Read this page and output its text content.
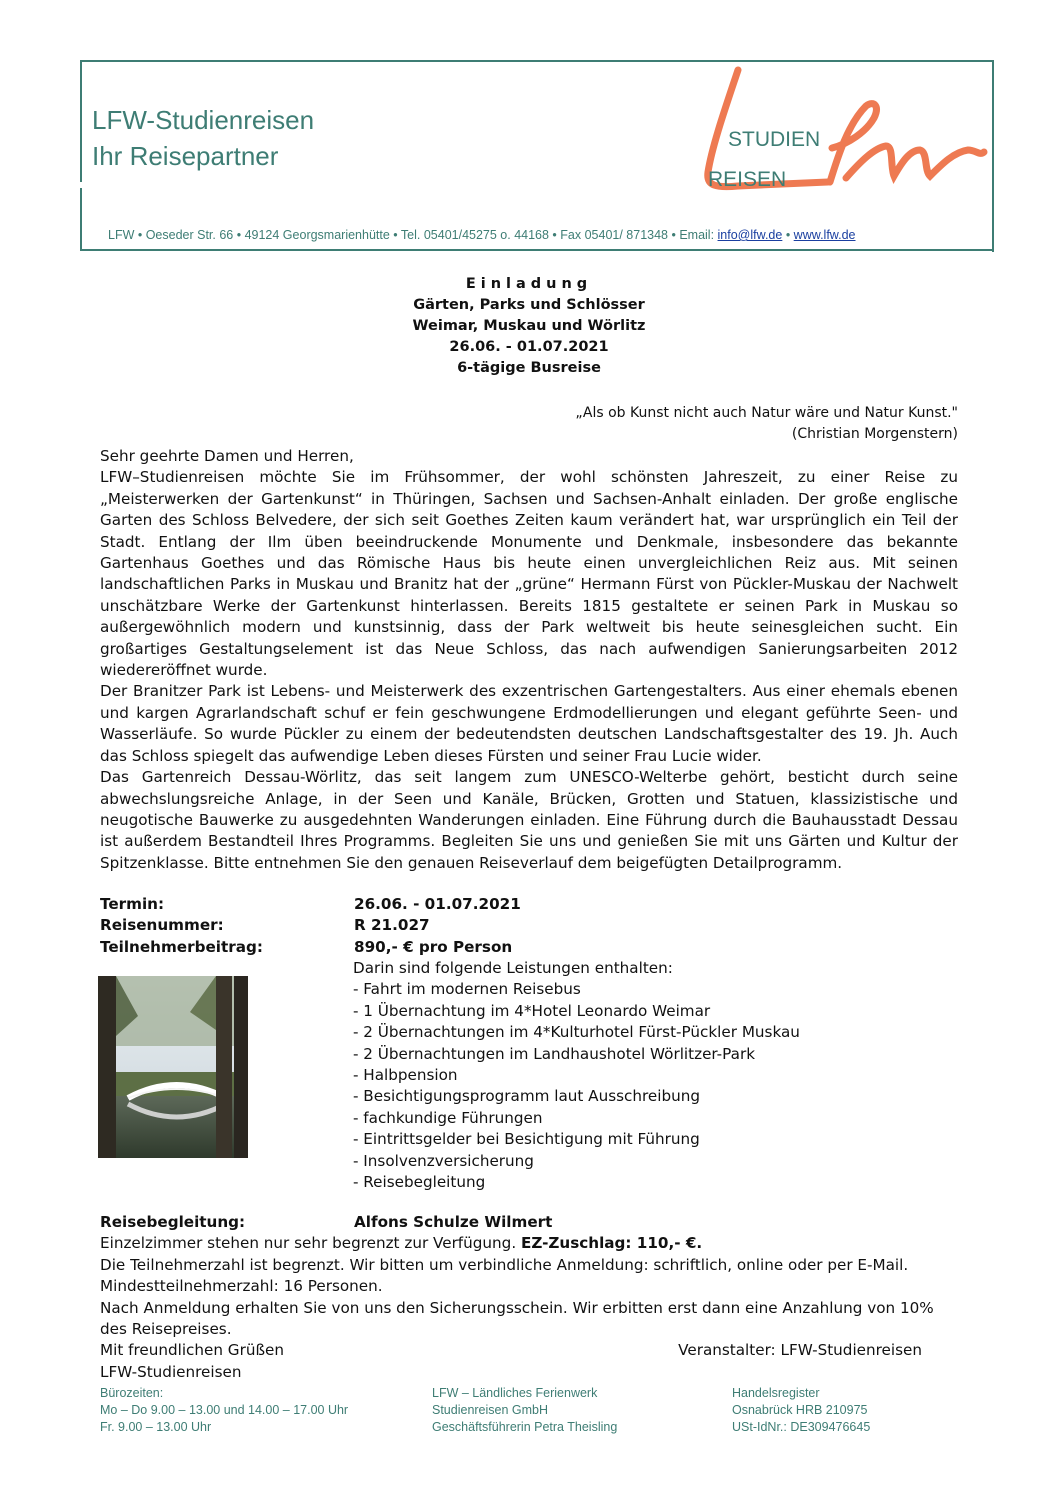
LFW-Studienreisen
Ihr Reisepartner
STUDIEN
REISEN
LFW • Oeseder Str. 66 • 49124 Georgsmarienhütte • Tel. 05401/45275 o. 44168 • Fax 05401/ 871348 • Email: info@lfw.de • www.lfw.de
Einladung
Gärten, Parks und Schlösser
Weimar, Muskau und Wörlitz
26.06. - 01.07.2021
6-tägige Busreise
„Als ob Kunst nicht auch Natur wäre und Natur Kunst."
(Christian Morgenstern)

Sehr geehrte Damen und Herren,

LFW–Studienreisen möchte Sie im Frühsommer, der wohl schönsten Jahreszeit, zu einer Reise zu „Meisterwerken der Gartenkunst“ in Thüringen, Sachsen und Sachsen-Anhalt einladen. Der große englische Garten des Schloss Belvedere, der sich seit Goethes Zeiten kaum verändert hat, war ursprünglich ein Teil der Stadt. Entlang der Ilm üben beeindruckende Monumente und Denkmale, insbesondere das bekannte Gartenhaus Goethes und das Römische Haus bis heute einen unvergleichlichen Reiz aus. Mit seinen landschaftlichen Parks in Muskau und Branitz hat der „grüne“ Hermann Fürst von Pückler-Muskau der Nachwelt unschätzbare Werke der Gartenkunst hinterlassen. Bereits 1815 gestaltete er seinen Park in Muskau so außergewöhnlich modern und kunstsinnig, dass der Park weltweit bis heute seinesgleichen sucht. Ein großartiges Gestaltungselement ist das Neue Schloss, das nach aufwendigen Sanierungsarbeiten 2012 wiedereröffnet wurde.

Der Branitzer Park ist Lebens- und Meisterwerk des exzentrischen Gartengestalters. Aus einer ehemals ebenen und kargen Agrarlandschaft schuf er fein geschwungene Erdmodellierungen und elegant geführte Seen- und Wasserläufe. So wurde Pückler zu einem der bedeutendsten deutschen Landschaftsgestalter des 19. Jh. Auch das Schloss spiegelt das aufwendige Leben dieses Fürsten und seiner Frau Lucie wider.

Das Gartenreich Dessau-Wörlitz, das seit langem zum UNESCO-Welterbe gehört, besticht durch seine abwechslungsreiche Anlage, in der Seen und Kanäle, Brücken, Grotten und Statuen, klassizistische und neugotische Bauwerke zu ausgedehnten Wanderungen einladen. Eine Führung durch die Bauhausstadt Dessau ist außerdem Bestandteil Ihres Programms. Begleiten Sie uns und genießen Sie mit uns Gärten und Kultur der Spitzenklasse. Bitte entnehmen Sie den genauen Reiseverlauf dem beigefügten Detailprogramm.

Termin:	26.06. - 01.07.2021
Reisenummer:	R 21.027
Teilnehmerbeitrag:	890,- € pro Person
Darin sind folgende Leistungen enthalten:
- Fahrt im modernen Reisebus
- 1 Übernachtung im 4*Hotel Leonardo Weimar
- 2 Übernachtungen im 4*Kulturhotel Fürst-Pückler Muskau
- 2 Übernachtungen im Landhaushotel Wörlitzer-Park
- Halbpension
- Besichtigungsprogramm laut Ausschreibung
- fachkundige Führungen
- Eintrittsgelder bei Besichtigung mit Führung
- Insolvenzversicherung
- Reisebegleitung
Reisebegleitung:	Alfons Schulze Wilmert

Einzelzimmer stehen nur sehr begrenzt zur Verfügung. EZ-Zuschlag: 110,- €.

Die Teilnehmerzahl ist begrenzt. Wir bitten um verbindliche Anmeldung: schriftlich, online oder per E-Mail.

Mindestteilnehmerzahl: 16 Personen.

Nach Anmeldung erhalten Sie von uns den Sicherungsschein. Wir erbitten erst dann eine Anzahlung von 10% des Reisepreises.

Mit freundlichen Grüßen	Veranstalter: LFW-Studienreisen

LFW-Studienreisen

Bürozeiten:
Mo – Do 9.00 – 13.00 und 14.00 – 17.00 Uhr
Fr. 9.00 – 13.00 Uhr
LFW – Ländliches Ferienwerk
Studienreisen GmbH
Geschäftsführerin Petra Theisling
Handelsregister
Osnabrück HRB 210975
USt-IdNr.: DE309476645
